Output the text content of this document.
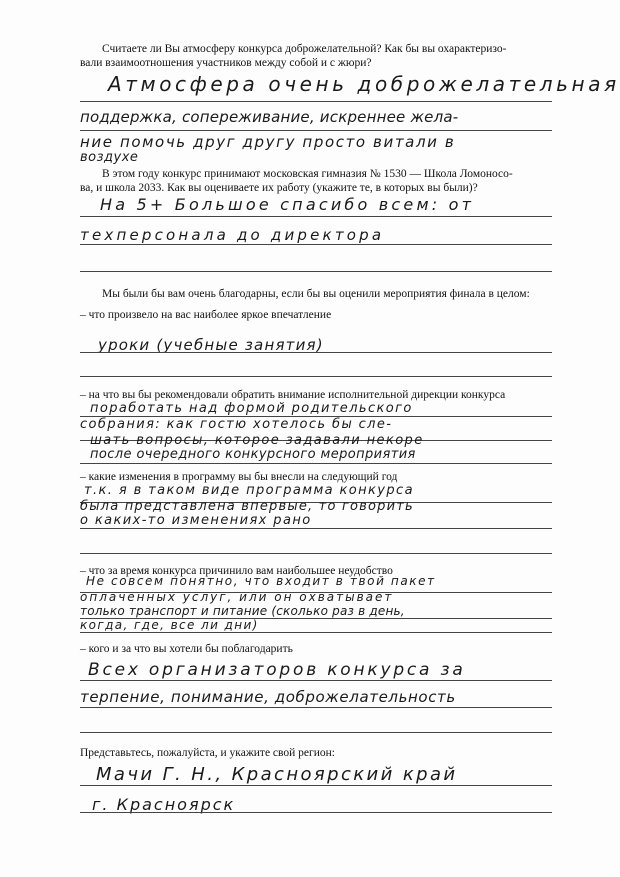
Считаете ли Вы атмосферу конкурса доброжелательной? Как бы вы охарактеризо-
вали взаимоотношения участников между собой и с жюри?
Атмосфера очень доброжелательная
поддержка, сопереживание, искреннее жела-
ние помочь друг другу просто витали в
воздухе
В этом году конкурс принимают московская гимназия № 1530 — Школа Ломоносо-
ва, и школа 2033. Как вы оцениваете их работу (укажите те, в которых вы были)?
На 5+ Большое спасибо всем: от
техперсонала до директора
Мы были бы вам очень благодарны, если бы вы оценили мероприятия финала в целом:
– что произвело на вас наиболее яркое впечатление
уроки (учебные занятия)
– на что вы бы рекомендовали обратить внимание исполнительной дирекции конкурса
поработать над формой родительского
собрания: как гостю хотелось бы сле-
шать вопросы, которое задавали некоре
после очередного конкурсного мероприятия
– какие изменения в программу вы бы внесли на следующий год
т.к. я в таком виде программа конкурса
была представлена впервые, то говорить
о каких-то изменениях рано
– что за время конкурса причинило вам наибольшее неудобство
Не совсем понятно, что входит в твой пакет
оплаченных услуг, или он охватывает
только транспорт и питание (сколько раз в день,
когда, где, все ли дни)
– кого и за что вы хотели бы поблагодарить
Всех организаторов конкурса за
терпение, понимание, доброжелательность
Представьтесь, пожалуйста, и укажите свой регион:
Мачи Г. Н., Красноярский край
г. Красноярск
